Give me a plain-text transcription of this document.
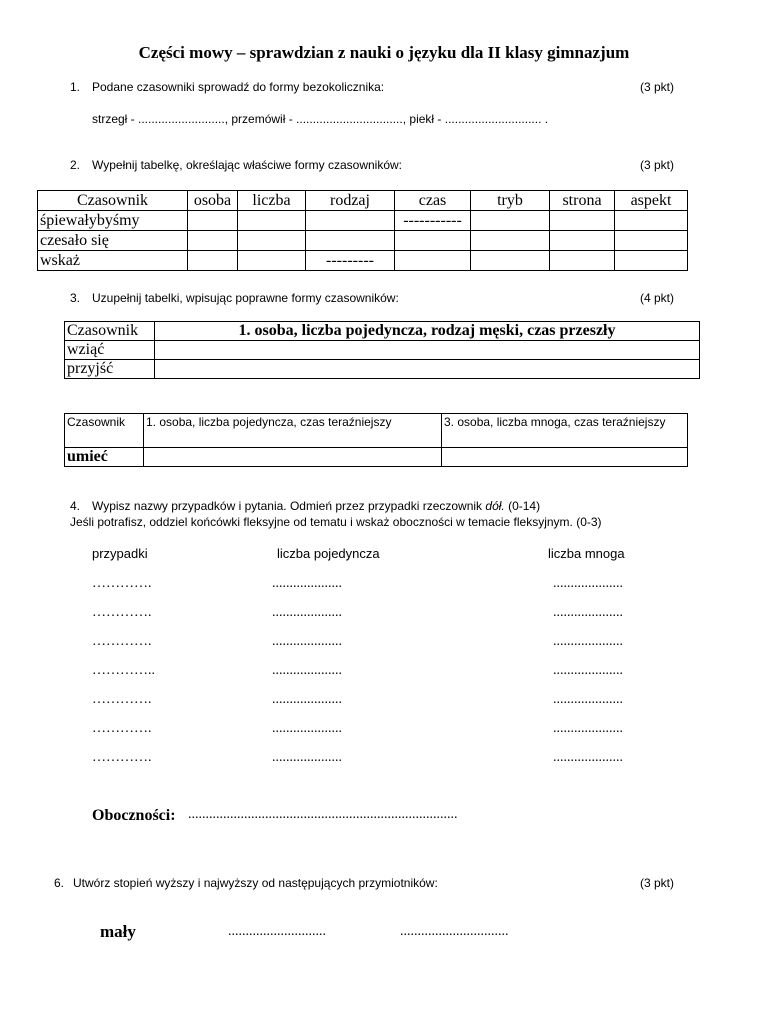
Części mowy – sprawdzian z nauki o języku dla II klasy gimnazjum
1. Podane czasowniki sprowadź do formy bezokolicznika:	(3 pkt)
strzegł - .........................., przemówił - ................................, piekł - ............................. .
2. Wypełnij tabelkę, określając właściwe formy czasowników:	(3 pkt)
Czasownik	osoba	liczba	rodzaj	czas	tryb	strona	aspekt
śpiewałybyśmy				-----------			
czesało się							
wskaż			---------				
3. Uzupełnij tabelki, wpisując poprawne formy czasowników:	(4 pkt)
Czasownik	1. osoba, liczba pojedyncza, rodzaj męski, czas przeszły
wziąć	
przyjść	
Czasownik	1. osoba, liczba pojedyncza, czas teraźniejszy	3. osoba, liczba mnoga, czas teraźniejszy
umieć		
4. Wypisz nazwy przypadków i pytania. Odmień przez przypadki rzeczownik dół. (0-14)
Jeśli potrafisz, oddziel końcówki fleksyjne od tematu i wskaż oboczności w temacie fleksyjnym. (0-3)
przypadki	liczba pojedyncza	liczba mnoga
………….	....................	....................
………….	....................	....................
………….	....................	....................
…………..	....................	....................
………….	....................	....................
………….	....................	....................
………….	....................	....................
Oboczności: .............................................................................
6. Utwórz stopień wyższy i najwyższy od następujących przymiotników:	(3 pkt)
mały	............................	...............................
